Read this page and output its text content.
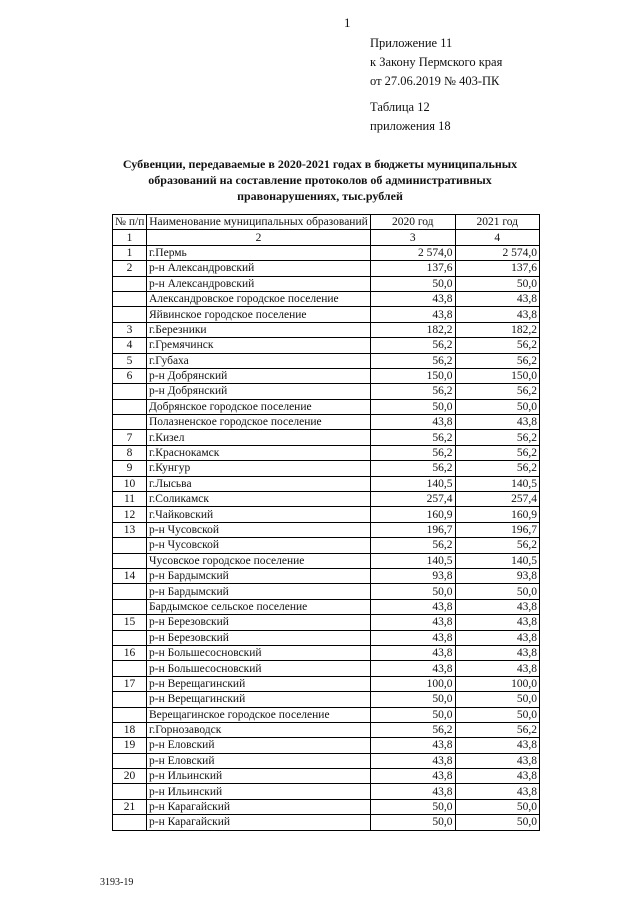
1
Приложение 11
к Закону Пермского края
от 27.06.2019 № 403-ПК
Таблица 12
приложения 18
Субвенции, передаваемые в 2020-2021 годах в бюджеты муниципальных образований на составление протоколов об административных правонарушениях, тыс.рублей
№ п/п	Наименование муниципальных образований	2020 год	2021 год
1	2	3	4
1	г.Пермь	2 574,0	2 574,0
2	р-н Александровский	137,6	137,6
	р-н Александровский	50,0	50,0
	Александровское городское поселение	43,8	43,8
	Яйвинское городское поселение	43,8	43,8
3	г.Березники	182,2	182,2
4	г.Гремячинск	56,2	56,2
5	г.Губаха	56,2	56,2
6	р-н Добрянский	150,0	150,0
	р-н Добрянский	56,2	56,2
	Добрянское городское поселение	50,0	50,0
	Полазненское городское поселение	43,8	43,8
7	г.Кизел	56,2	56,2
8	г.Краснокамск	56,2	56,2
9	г.Кунгур	56,2	56,2
10	г.Лысьва	140,5	140,5
11	г.Соликамск	257,4	257,4
12	г.Чайковский	160,9	160,9
13	р-н Чусовской	196,7	196,7
	р-н Чусовской	56,2	56,2
	Чусовское городское поселение	140,5	140,5
14	р-н Бардымский	93,8	93,8
	р-н Бардымский	50,0	50,0
	Бардымское сельское поселение	43,8	43,8
15	р-н Березовский	43,8	43,8
	р-н Березовский	43,8	43,8
16	р-н Большесосновский	43,8	43,8
	р-н Большесосновский	43,8	43,8
17	р-н Верещагинский	100,0	100,0
	р-н Верещагинский	50,0	50,0
	Верещагинское городское поселение	50,0	50,0
18	г.Горнозаводск	56,2	56,2
19	р-н Еловский	43,8	43,8
	р-н Еловский	43,8	43,8
20	р-н Ильинский	43,8	43,8
	р-н Ильинский	43,8	43,8
21	р-н Карагайский	50,0	50,0
	р-н Карагайский	50,0	50,0
3193-19
